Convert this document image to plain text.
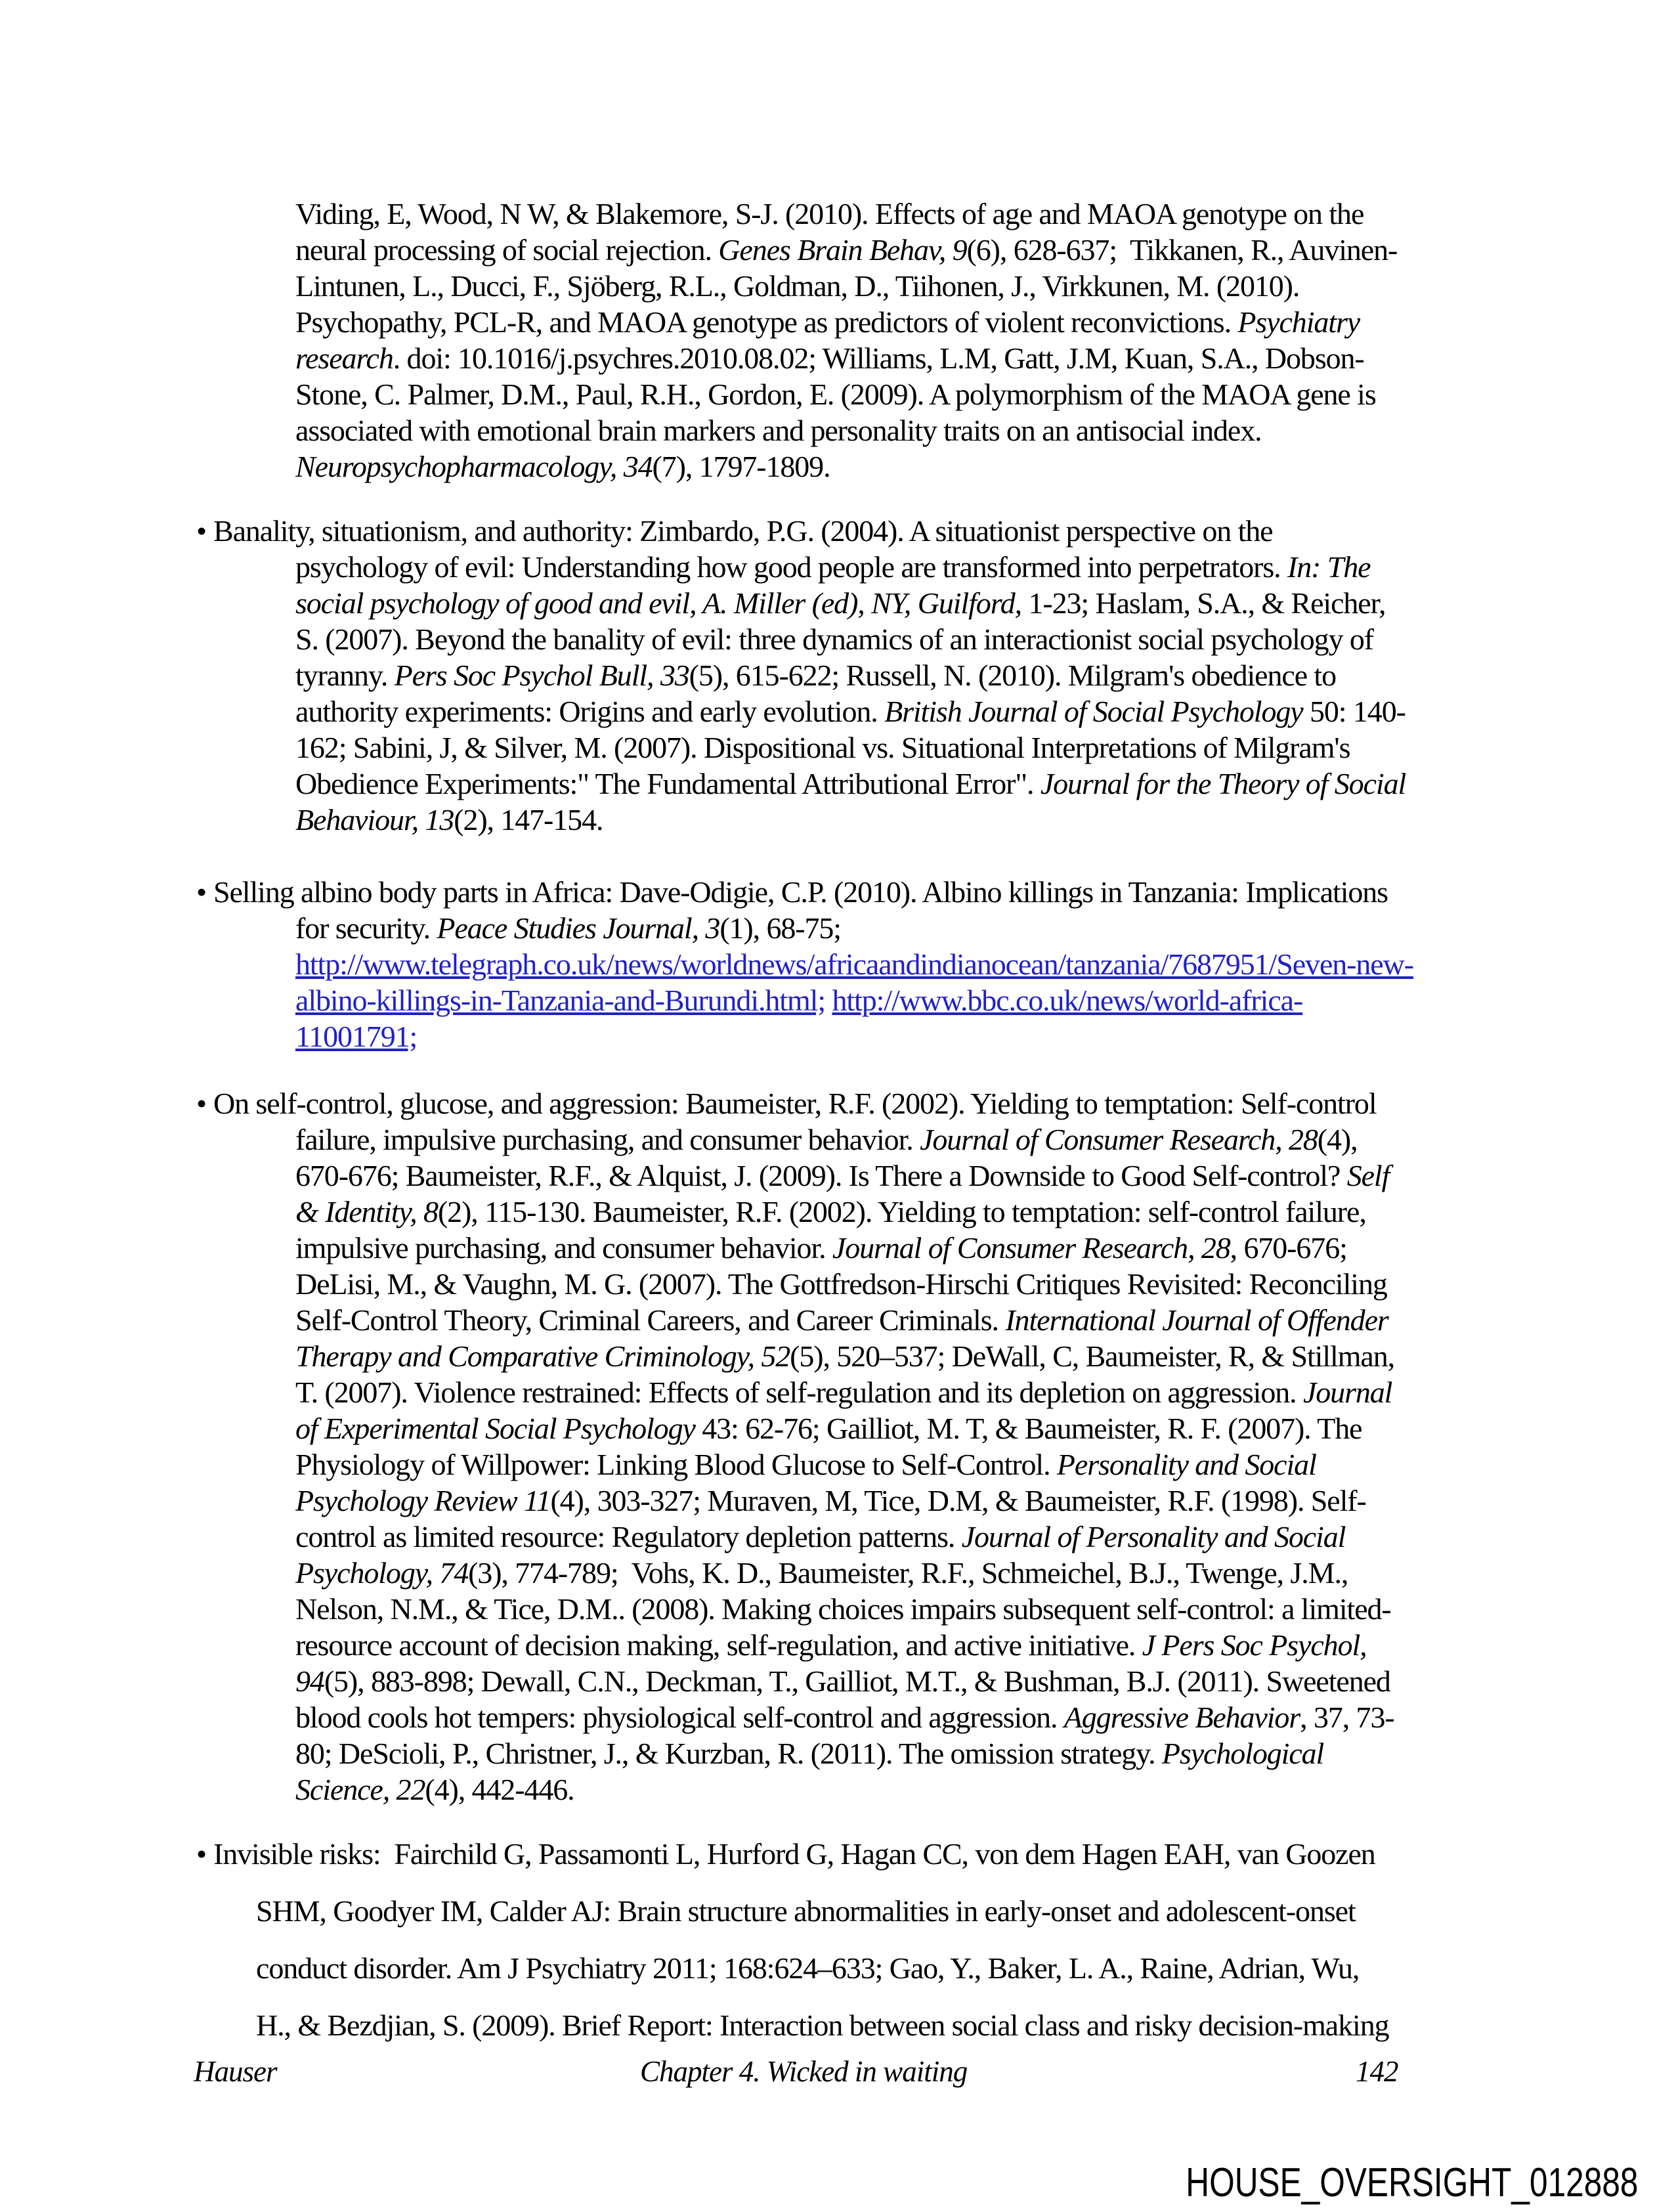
Viding, E, Wood, N W, & Blakemore, S-J. (2010). Effects of age and MAOA genotype on the
neural processing of social rejection. Genes Brain Behav, 9(6), 628-637;  Tikkanen, R., Auvinen-
Lintunen, L., Ducci, F., Sjöberg, R.L., Goldman, D., Tiihonen, J., Virkkunen, M. (2010).
Psychopathy, PCL-R, and MAOA genotype as predictors of violent reconvictions. Psychiatry
research. doi: 10.1016/j.psychres.2010.08.02; Williams, L.M, Gatt, J.M, Kuan, S.A., Dobson-
Stone, C. Palmer, D.M., Paul, R.H., Gordon, E. (2009). A polymorphism of the MAOA gene is
associated with emotional brain markers and personality traits on an antisocial index.
Neuropsychopharmacology, 34(7), 1797-1809.
• Banality, situationism, and authority: Zimbardo, P.G. (2004). A situationist perspective on the
psychology of evil: Understanding how good people are transformed into perpetrators. In: The
social psychology of good and evil, A. Miller (ed), NY, Guilford, 1-23; Haslam, S.A., & Reicher,
S. (2007). Beyond the banality of evil: three dynamics of an interactionist social psychology of
tyranny. Pers Soc Psychol Bull, 33(5), 615-622; Russell, N. (2010). Milgram's obedience to
authority experiments: Origins and early evolution. British Journal of Social Psychology 50: 140-
162; Sabini, J, & Silver, M. (2007). Dispositional vs. Situational Interpretations of Milgram's
Obedience Experiments:" The Fundamental Attributional Error". Journal for the Theory of Social
Behaviour, 13(2), 147-154.
• Selling albino body parts in Africa: Dave-Odigie, C.P. (2010). Albino killings in Tanzania: Implications
for security. Peace Studies Journal, 3(1), 68-75;
http://www.telegraph.co.uk/news/worldnews/africaandindianocean/tanzania/7687951/Seven-new-
albino-killings-in-Tanzania-and-Burundi.html; http://www.bbc.co.uk/news/world-africa-
11001791;
• On self-control, glucose, and aggression: Baumeister, R.F. (2002). Yielding to temptation: Self-control
failure, impulsive purchasing, and consumer behavior. Journal of Consumer Research, 28(4),
670-676; Baumeister, R.F., & Alquist, J. (2009). Is There a Downside to Good Self-control? Self
& Identity, 8(2), 115-130. Baumeister, R.F. (2002). Yielding to temptation: self-control failure,
impulsive purchasing, and consumer behavior. Journal of Consumer Research, 28, 670-676;
DeLisi, M., & Vaughn, M. G. (2007). The Gottfredson-Hirschi Critiques Revisited: Reconciling
Self-Control Theory, Criminal Careers, and Career Criminals. International Journal of Offender
Therapy and Comparative Criminology, 52(5), 520–537; DeWall, C, Baumeister, R, & Stillman,
T. (2007). Violence restrained: Effects of self-regulation and its depletion on aggression. Journal
of Experimental Social Psychology 43: 62-76; Gailliot, M. T, & Baumeister, R. F. (2007). The
Physiology of Willpower: Linking Blood Glucose to Self-Control. Personality and Social
Psychology Review 11(4), 303-327; Muraven, M, Tice, D.M, & Baumeister, R.F. (1998). Self-
control as limited resource: Regulatory depletion patterns. Journal of Personality and Social
Psychology, 74(3), 774-789;  Vohs, K. D., Baumeister, R.F., Schmeichel, B.J., Twenge, J.M.,
Nelson, N.M., & Tice, D.M.. (2008). Making choices impairs subsequent self-control: a limited-
resource account of decision making, self-regulation, and active initiative. J Pers Soc Psychol,
94(5), 883-898; Dewall, C.N., Deckman, T., Gailliot, M.T., & Bushman, B.J. (2011). Sweetened
blood cools hot tempers: physiological self-control and aggression. Aggressive Behavior, 37, 73-
80; DeScioli, P., Christner, J., & Kurzban, R. (2011). The omission strategy. Psychological
Science, 22(4), 442-446.
• Invisible risks:  Fairchild G, Passamonti L, Hurford G, Hagan CC, von dem Hagen EAH, van Goozen
SHM, Goodyer IM, Calder AJ: Brain structure abnormalities in early-onset and adolescent-onset
conduct disorder. Am J Psychiatry 2011; 168:624–633; Gao, Y., Baker, L. A., Raine, Adrian, Wu,
H., & Bezdjian, S. (2009). Brief Report: Interaction between social class and risky decision-making
Hauser	Chapter 4. Wicked in waiting	142
HOUSE_OVERSIGHT_012888
